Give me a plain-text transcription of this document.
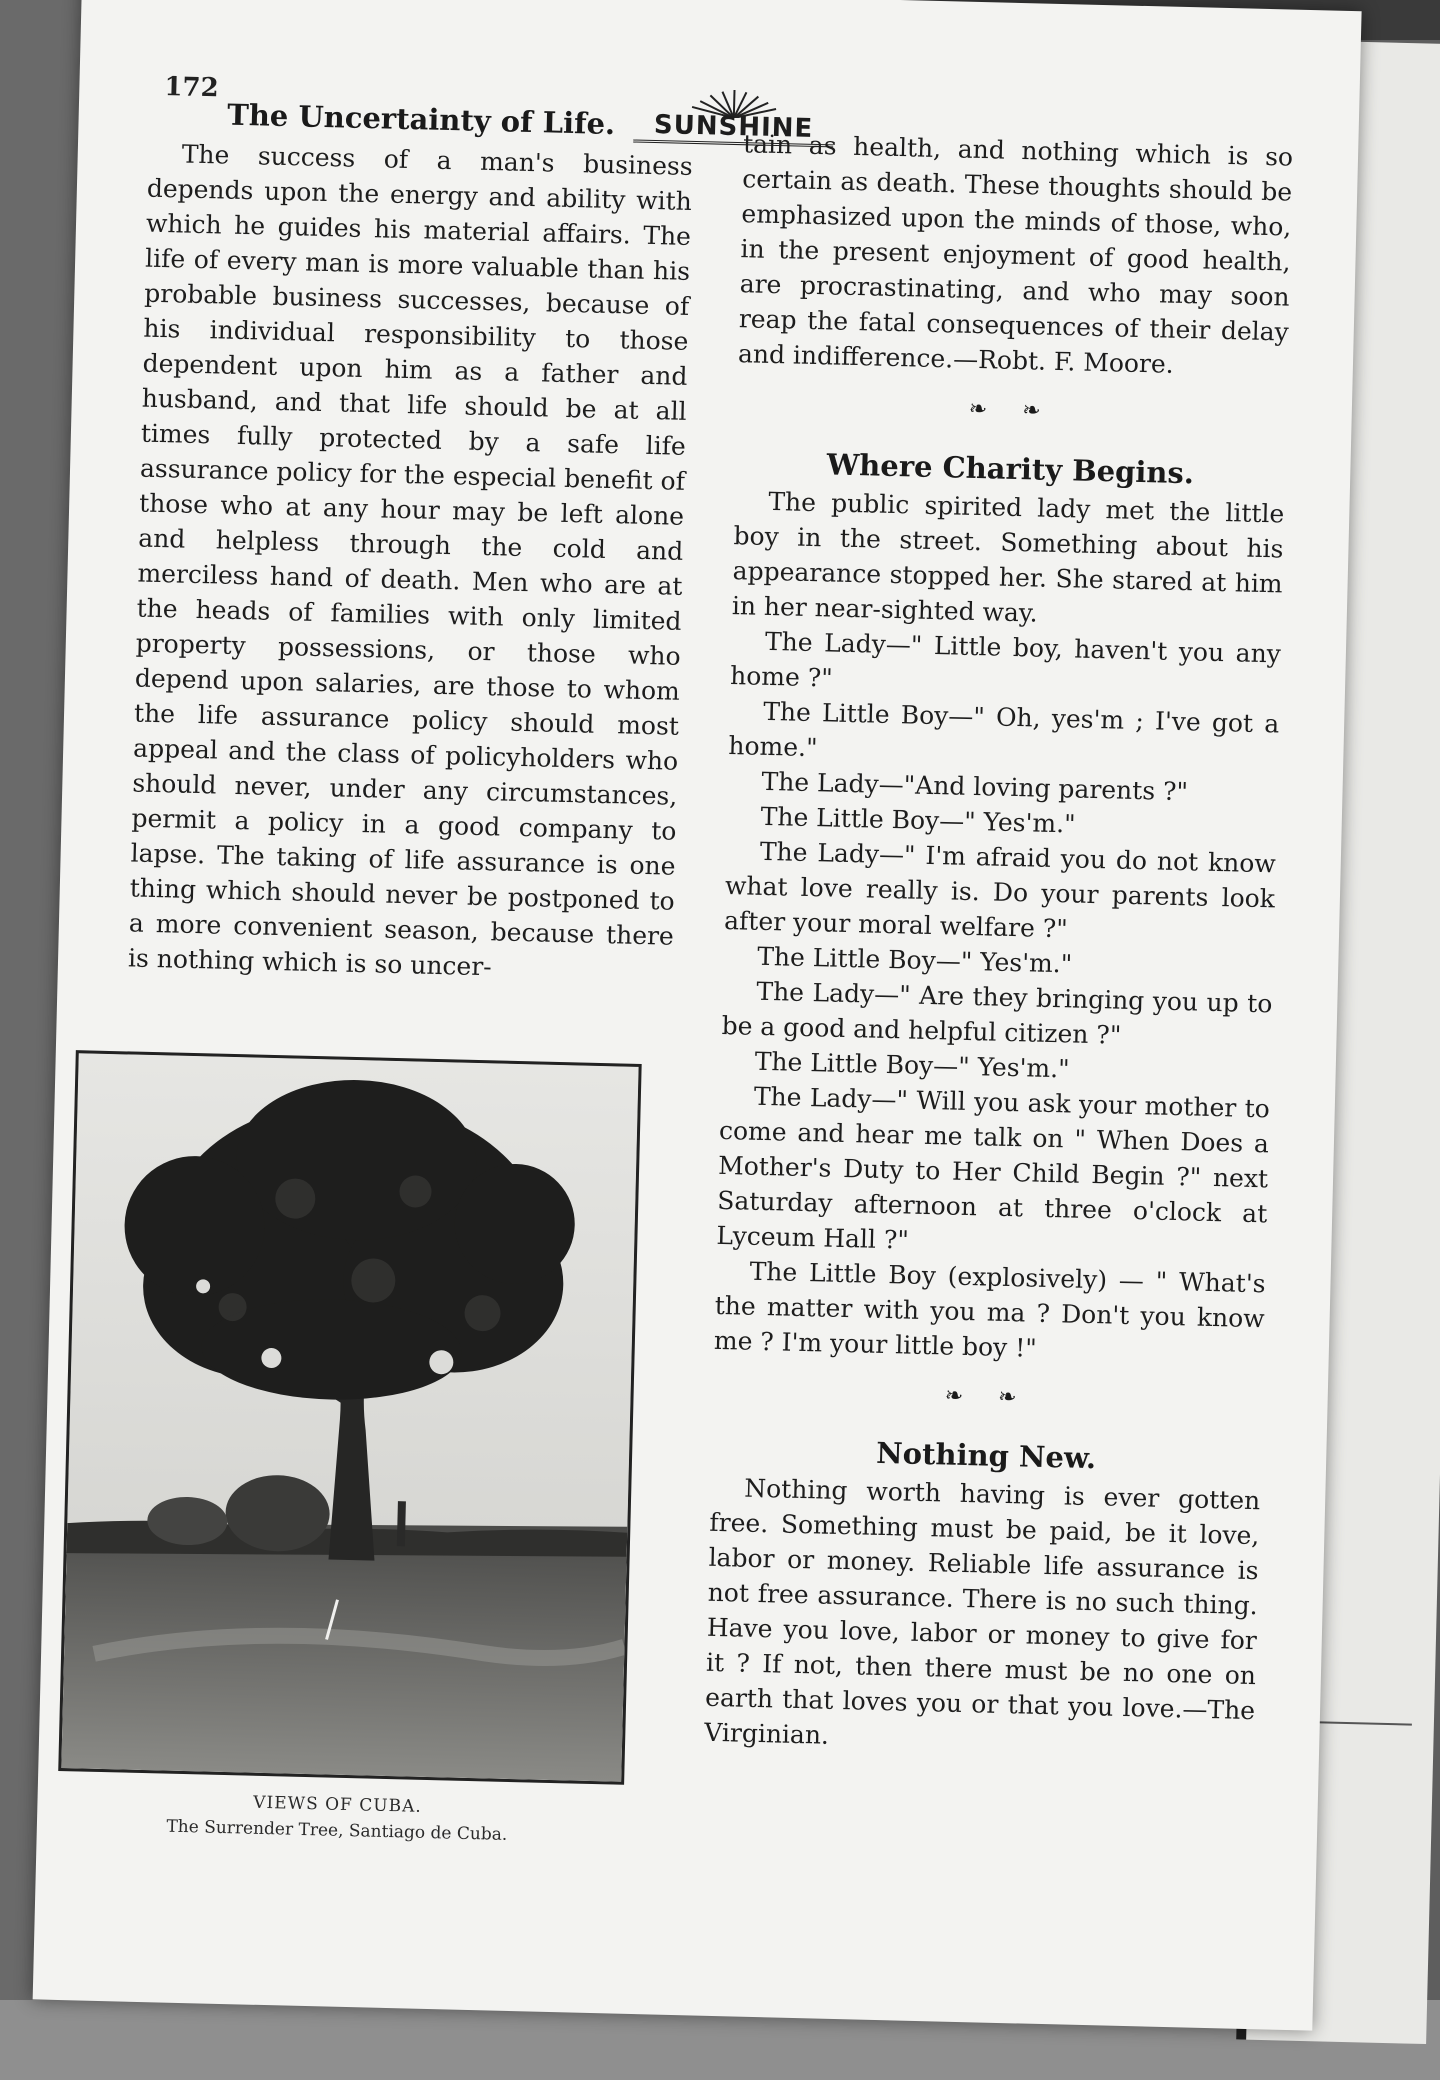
172
SUNSHINE
The Uncertainty of Life.

The success of a man's business depends upon the energy and ability with which he guides his material affairs. The life of every man is more valuable than his probable business successes, because of his individual responsibility to those dependent upon him as a father and husband, and that life should be at all times fully protected by a safe life assurance policy for the especial benefit of those who at any hour may be left alone and helpless through the cold and merciless hand of death. Men who are at the heads of families with only limited property possessions, or those who depend upon salaries, are those to whom the life assurance policy should most appeal and the class of policyholders who should never, under any circumstances, permit a policy in a good company to lapse. The taking of life assurance is one thing which should never be postponed to a more convenient season, because there is nothing which is so uncer-

VIEWS OF CUBA.
The Surrender Tree, Santiago de Cuba.

tain as health, and nothing which is so certain as death. These thoughts should be emphasized upon the minds of those, who, in the present enjoyment of good health, are procrastinating, and who may soon reap the fatal consequences of their delay and indifference.—Robt. F. Moore.

❧ ❧
Where Charity Begins.

The public spirited lady met the little boy in the street. Something about his appearance stopped her. She stared at him in her near-sighted way.

The Lady—" Little boy, haven't you any home ?"

The Little Boy—" Oh, yes'm ; I've got a home."

The Lady—"And loving parents ?"

The Little Boy—" Yes'm."

The Lady—" I'm afraid you do not know what love really is. Do your parents look after your moral welfare ?"

The Little Boy—" Yes'm."

The Lady—" Are they bringing you up to be a good and helpful citizen ?"

The Little Boy—" Yes'm."

The Lady—" Will you ask your mother to come and hear me talk on " When Does a Mother's Duty to Her Child Begin ?" next Saturday afternoon at three o'clock at Lyceum Hall ?"

The Little Boy (explosively) — " What's the matter with you ma ? Don't you know me ? I'm your little boy !"

❧ ❧
Nothing New.

Nothing worth having is ever gotten free. Something must be paid, be it love, labor or money. Reliable life assurance is not free assurance. There is no such thing. Have you love, labor or money to give for it ? If not, then there must be no one on earth that loves you or that you love.—The Virginian.
